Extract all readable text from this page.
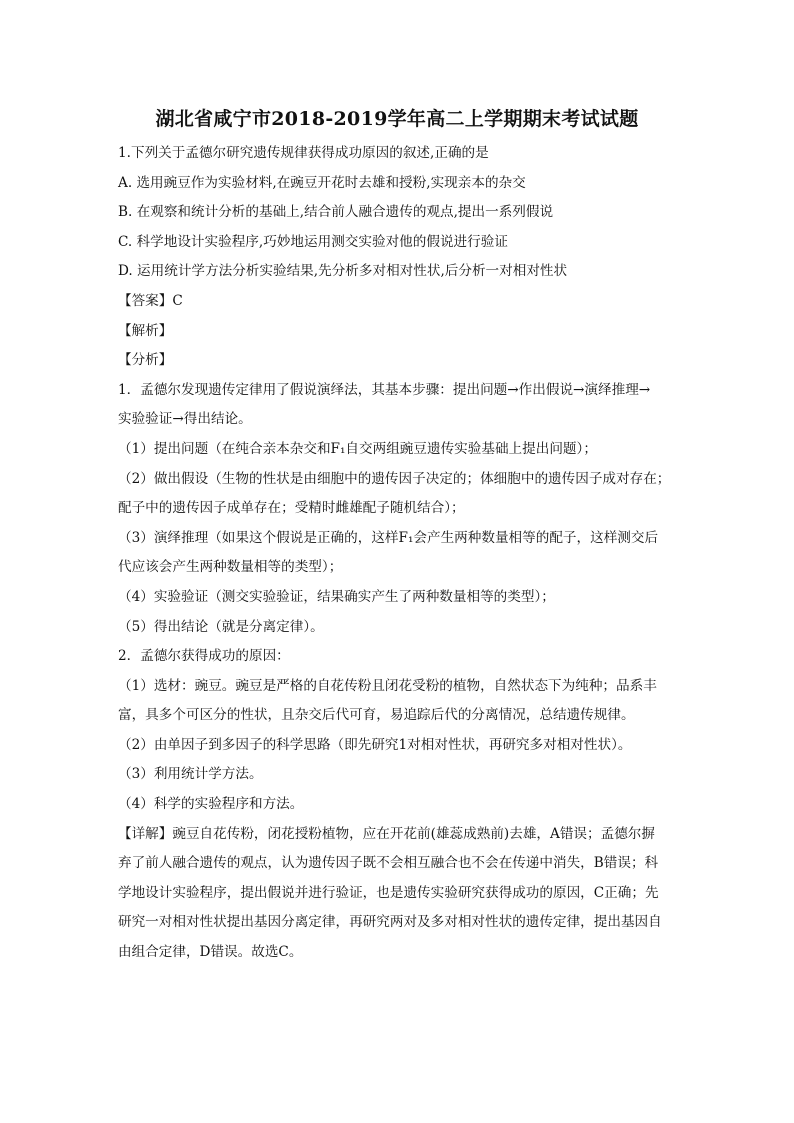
湖北省咸宁市2018-2019学年高二上学期期末考试试题
1.下列关于孟德尔研究遗传规律获得成功原因的叙述,正确的是
A. 选用豌豆作为实验材料,在豌豆开花时去雄和授粉,实现亲本的杂交
B. 在观察和统计分析的基础上,结合前人融合遗传的观点,提出一系列假说
C. 科学地设计实验程序,巧妙地运用测交实验对他的假说进行验证
D. 运用统计学方法分析实验结果,先分析多对相对性状,后分析一对相对性状
【答案】C
【解析】
【分析】
1．孟德尔发现遗传定律用了假说演绎法，其基本步骤：提出问题→作出假说→演绎推理→
实验验证→得出结论。
（1）提出问题（在纯合亲本杂交和F₁自交两组豌豆遗传实验基础上提出问题）；
（2）做出假设（生物的性状是由细胞中的遗传因子决定的；体细胞中的遗传因子成对存在；
配子中的遗传因子成单存在；受精时雌雄配子随机结合）；
（3）演绎推理（如果这个假说是正确的，这样F₁会产生两种数量相等的配子，这样测交后
代应该会产生两种数量相等的类型）；
（4）实验验证（测交实验验证，结果确实产生了两种数量相等的类型）；
（5）得出结论（就是分离定律）。
2．孟德尔获得成功的原因：
（1）选材：豌豆。豌豆是严格的自花传粉且闭花受粉的植物，自然状态下为纯种；品系丰
富，具多个可区分的性状，且杂交后代可育，易追踪后代的分离情况，总结遗传规律。
（2）由单因子到多因子的科学思路（即先研究1对相对性状，再研究多对相对性状）。
（3）利用统计学方法。
（4）科学的实验程序和方法。
【详解】豌豆自花传粉，闭花授粉植物，应在开花前(雄蕊成熟前)去雄，A错误；孟德尔摒
弃了前人融合遗传的观点，认为遗传因子既不会相互融合也不会在传递中消失，B错误；科
学地设计实验程序，提出假说并进行验证，也是遗传实验研究获得成功的原因，C正确；先
研究一对相对性状提出基因分离定律，再研究两对及多对相对性状的遗传定律，提出基因自
由组合定律，D错误。故选C。
